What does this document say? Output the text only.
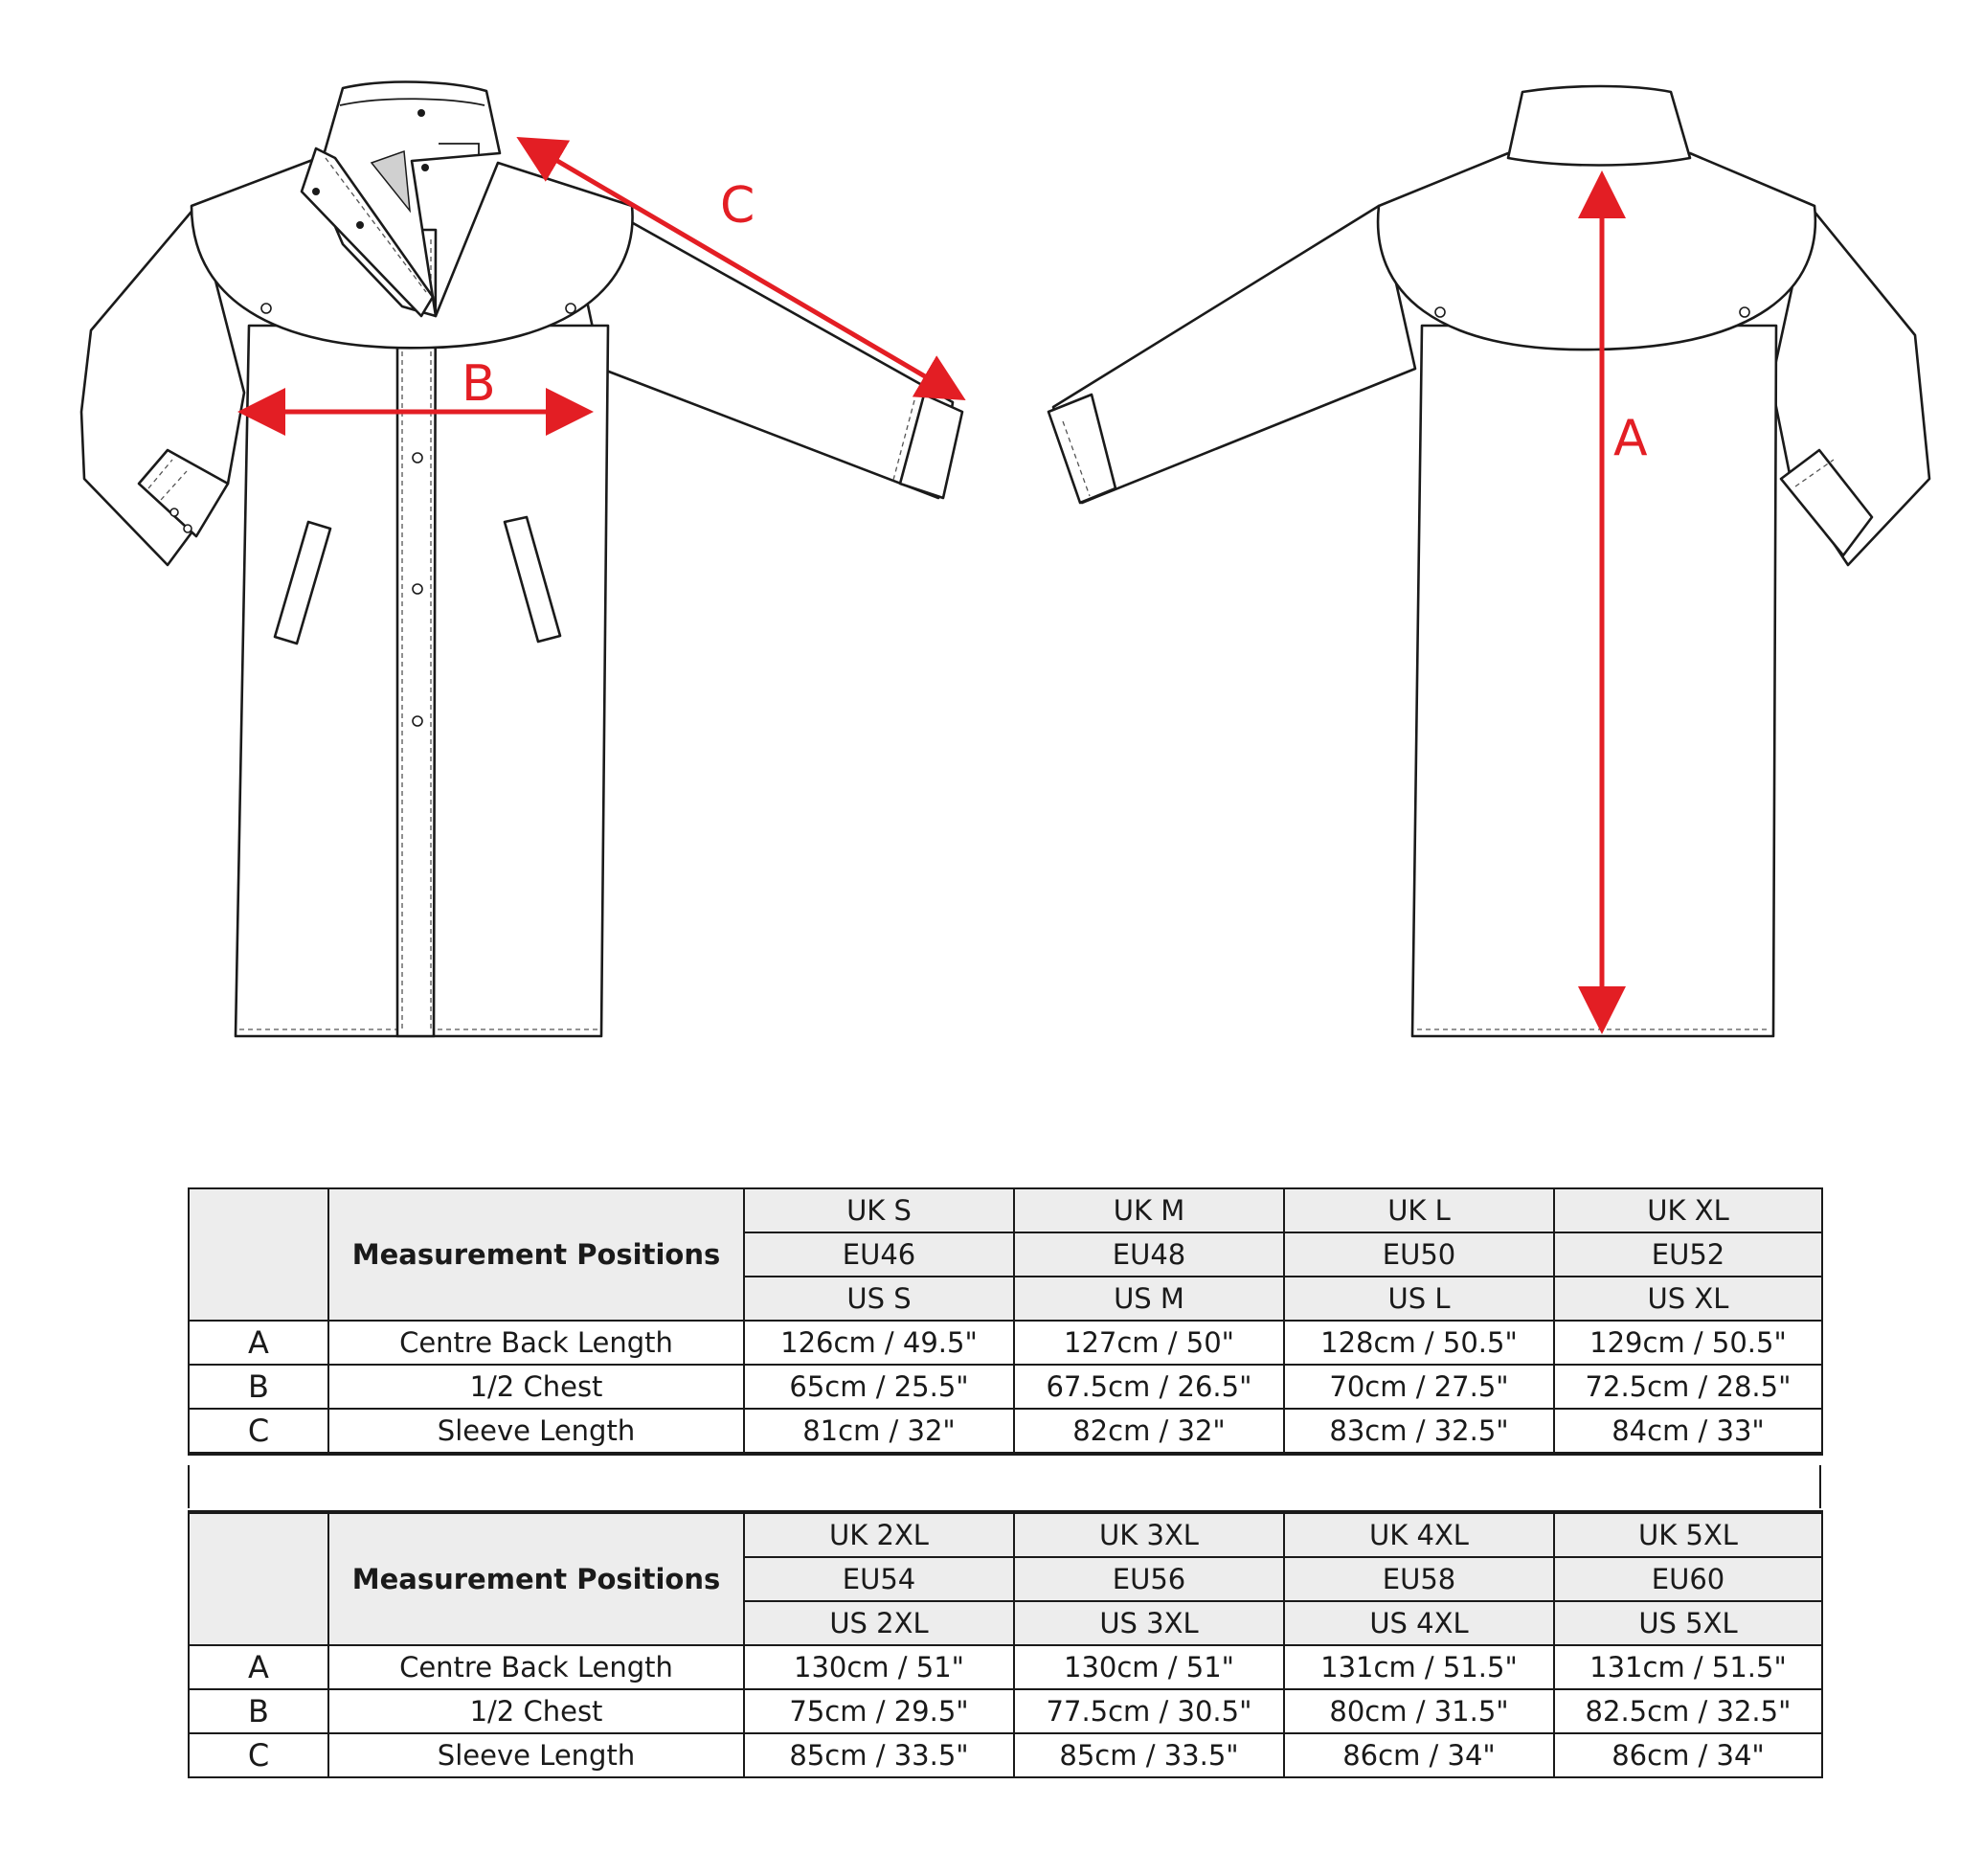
C
B
A
	Measurement Positions	UK S	UK M	UK L	UK XL
		EU46	EU48	EU50	EU52
		US S	US M	US L	US XL
A	Centre Back Length	126cm / 49.5"	127cm / 50"	128cm / 50.5"	129cm / 50.5"
B	1/2 Chest	65cm / 25.5"	67.5cm / 26.5"	70cm / 27.5"	72.5cm / 28.5"
C	Sleeve Length	81cm / 32"	82cm / 32"	83cm / 32.5"	84cm / 33"
	Measurement Positions	UK 2XL	UK 3XL	UK 4XL	UK 5XL
		EU54	EU56	EU58	EU60
		US 2XL	US 3XL	US 4XL	US 5XL
A	Centre Back Length	130cm / 51"	130cm / 51"	131cm / 51.5"	131cm / 51.5"
B	1/2 Chest	75cm / 29.5"	77.5cm / 30.5"	80cm / 31.5"	82.5cm / 32.5"
C	Sleeve Length	85cm / 33.5"	85cm / 33.5"	86cm / 34"	86cm / 34"
